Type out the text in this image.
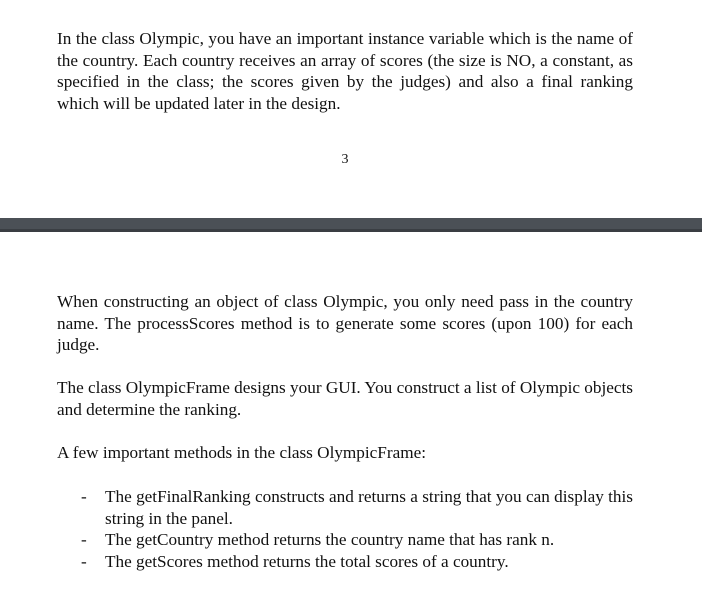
In the class Olympic, you have an important instance variable which is the name of the country. Each country receives an array of scores (the size is NO, a constant, as specified in the class; the scores given by the judges) and also a final ranking which will be updated later in the design.

3

When constructing an object of class Olympic, you only need pass in the country name. The processScores method is to generate some scores (upon 100) for each judge.

The class OlympicFrame designs your GUI. You construct a list of Olympic objects and determine the ranking.

A few important methods in the class OlympicFrame:

- The getFinalRanking constructs and returns a string that you can display this string in the panel.
- The getCountry method returns the country name that has rank n.
- The getScores method returns the total scores of a country.
